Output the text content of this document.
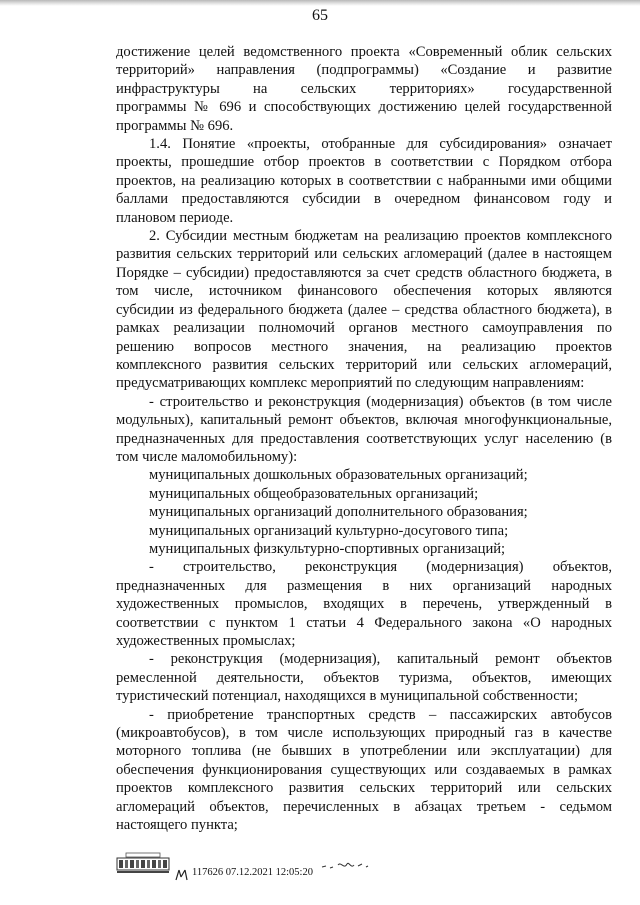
65

достижение целей ведомственного проекта «Современный облик сельских

территорий» направления (подпрограммы) «Создание и развитие

инфраструктуры на сельских территориях» государственной

программы № 696 и способствующих достижению целей государственной

программы № 696.

1.4. Понятие «проекты, отобранные для субсидирования» означает

проекты, прошедшие отбор проектов в соответствии с Порядком отбора

проектов, на реализацию которых в соответствии с набранными ими общими

баллами предоставляются субсидии в очередном финансовом году и

плановом периоде.

2. Субсидии местным бюджетам на реализацию проектов комплексного

развития сельских территорий или сельских агломераций (далее в настоящем

Порядке – субсидии) предоставляются за счет средств областного бюджета, в

том числе, источником финансового обеспечения которых являются

субсидии из федерального бюджета (далее – средства областного бюджета), в

рамках реализации полномочий органов местного самоуправления по

решению вопросов местного значения, на реализацию проектов

комплексного развития сельских территорий или сельских агломераций,

предусматривающих комплекс мероприятий по следующим направлениям:

- строительство и реконструкция (модернизация) объектов (в том числе

модульных), капитальный ремонт объектов, включая многофункциональные,

предназначенных для предоставления соответствующих услуг населению (в

том числе маломобильному):

муниципальных дошкольных образовательных организаций;

муниципальных общеобразовательных организаций;

муниципальных организаций дополнительного образования;

муниципальных организаций культурно-досугового типа;

муниципальных физкультурно-спортивных организаций;

- строительство, реконструкция (модернизация) объектов,

предназначенных для размещения в них организаций народных

художественных промыслов, входящих в перечень, утвержденный в

соответствии с пунктом 1 статьи 4 Федерального закона «О народных

художественных промыслах;

- реконструкция (модернизация), капитальный ремонт объектов

ремесленной деятельности, объектов туризма, объектов, имеющих

туристический потенциал, находящихся в муниципальной собственности;

- приобретение транспортных средств – пассажирских автобусов

(микроавтобусов), в том числе использующих природный газ в качестве

моторного топлива (не бывших в употреблении или эксплуатации) для

обеспечения функционирования существующих или создаваемых в рамках

проектов комплексного развития сельских территорий или сельских

агломераций объектов, перечисленных в абзацах третьем - седьмом

настоящего пункта;

117626 07.12.2021 12:05:20
